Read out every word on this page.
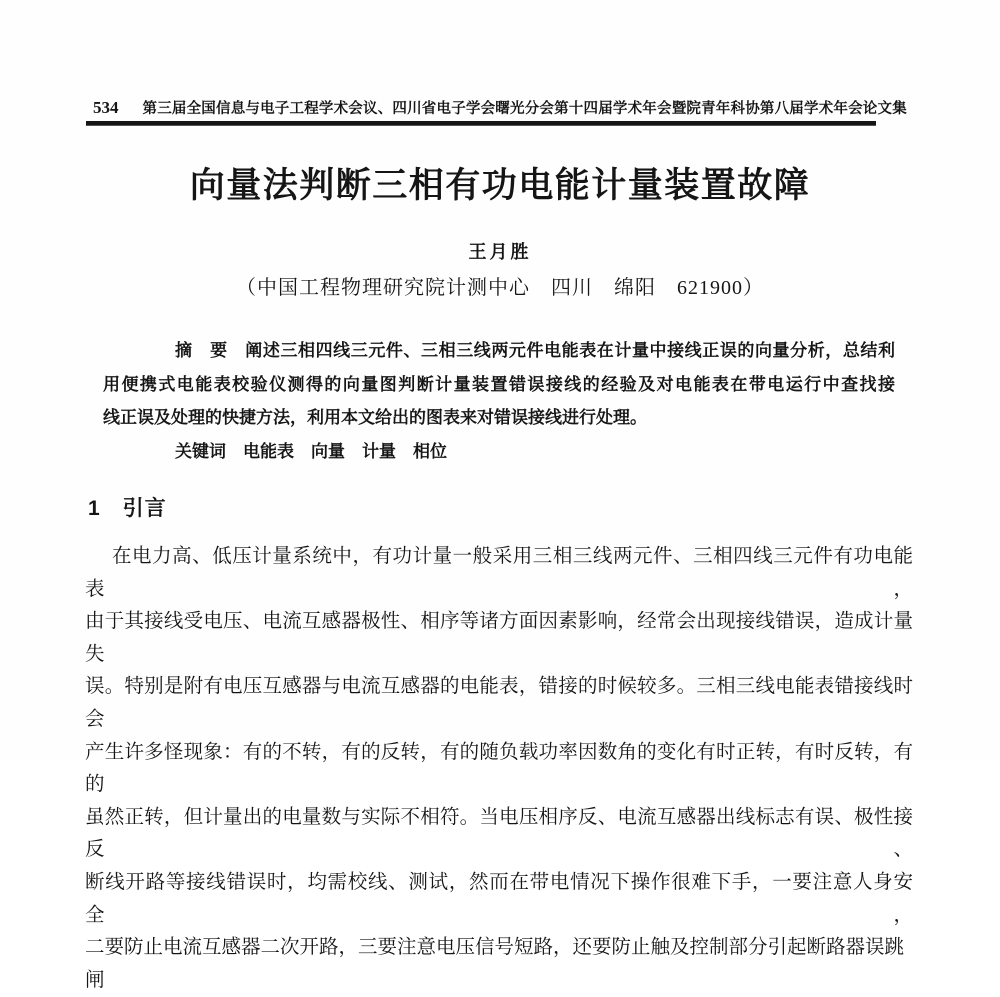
534 第三届全国信息与电子工程学术会议、四川省电子学会曙光分会第十四届学术年会暨院青年科协第八届学术年会论文集
向量法判断三相有功电能计量装置故障
王月胜
（中国工程物理研究院计测中心　四川　绵阳　621900）
摘　要　阐述三相四线三元件、三相三线两元件电能表在计量中接线正误的向量分析，总结利
用便携式电能表校验仪测得的向量图判断计量装置错误接线的经验及对电能表在带电运行中查找接
线正误及处理的快捷方法，利用本文给出的图表来对错误接线进行处理。
关键词　电能表　向量　计量　相位
1　引言
在电力高、低压计量系统中，有功计量一般采用三相三线两元件、三相四线三元件有功电能表，
由于其接线受电压、电流互感器极性、相序等诸方面因素影响，经常会出现接线错误，造成计量失
误。特别是附有电压互感器与电流互感器的电能表，错接的时候较多。三相三线电能表错接线时会
产生许多怪现象：有的不转，有的反转，有的随负载功率因数角的变化有时正转，有时反转，有的
虽然正转，但计量出的电量数与实际不相符。当电压相序反、电流互感器出线标志有误、极性接反、
断线开路等接线错误时，均需校线、测试，然而在带电情况下操作很难下手，一要注意人身安全，
二要防止电流互感器二次开路，三要注意电压信号短路，还要防止触及控制部分引起断路器误跳闸
